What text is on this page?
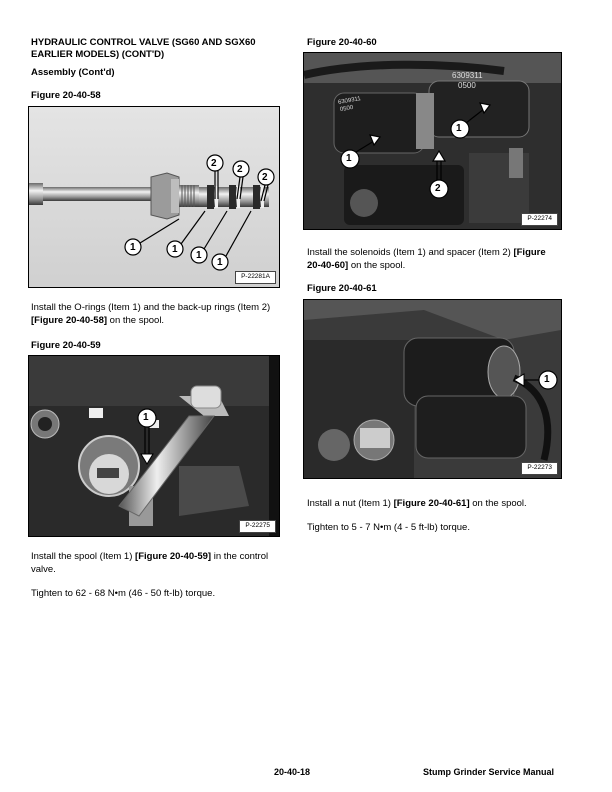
HYDRAULIC CONTROL VALVE (SG60 AND SGX60 EARLIER MODELS) (CONT'D)
Assembly (Cont'd)
Figure 20-40-58
2
2
2
1	1
1
1
P-22281A
Install the O-rings (Item 1) and the back-up rings (Item 2) [Figure 20-40-58] on the spool.
Figure 20-40-59
1
P-22275
Install the spool (Item 1) [Figure 20-40-59] in the control valve.
Tighten to 62 - 68 N•m (46 - 50 ft-lb) torque.
Figure 20-40-60
6309311
0500
6309311
0500
1
1
2
P-22274
Install the solenoids (Item 1) and spacer (Item 2) [Figure 20-40-60] on the spool.
Figure 20-40-61
1
P-22273
Install a nut (Item 1) [Figure 20-40-61] on the spool.
Tighten to 5 - 7 N•m (4 - 5 ft-lb) torque.
20-40-18	Stump Grinder Service Manual
